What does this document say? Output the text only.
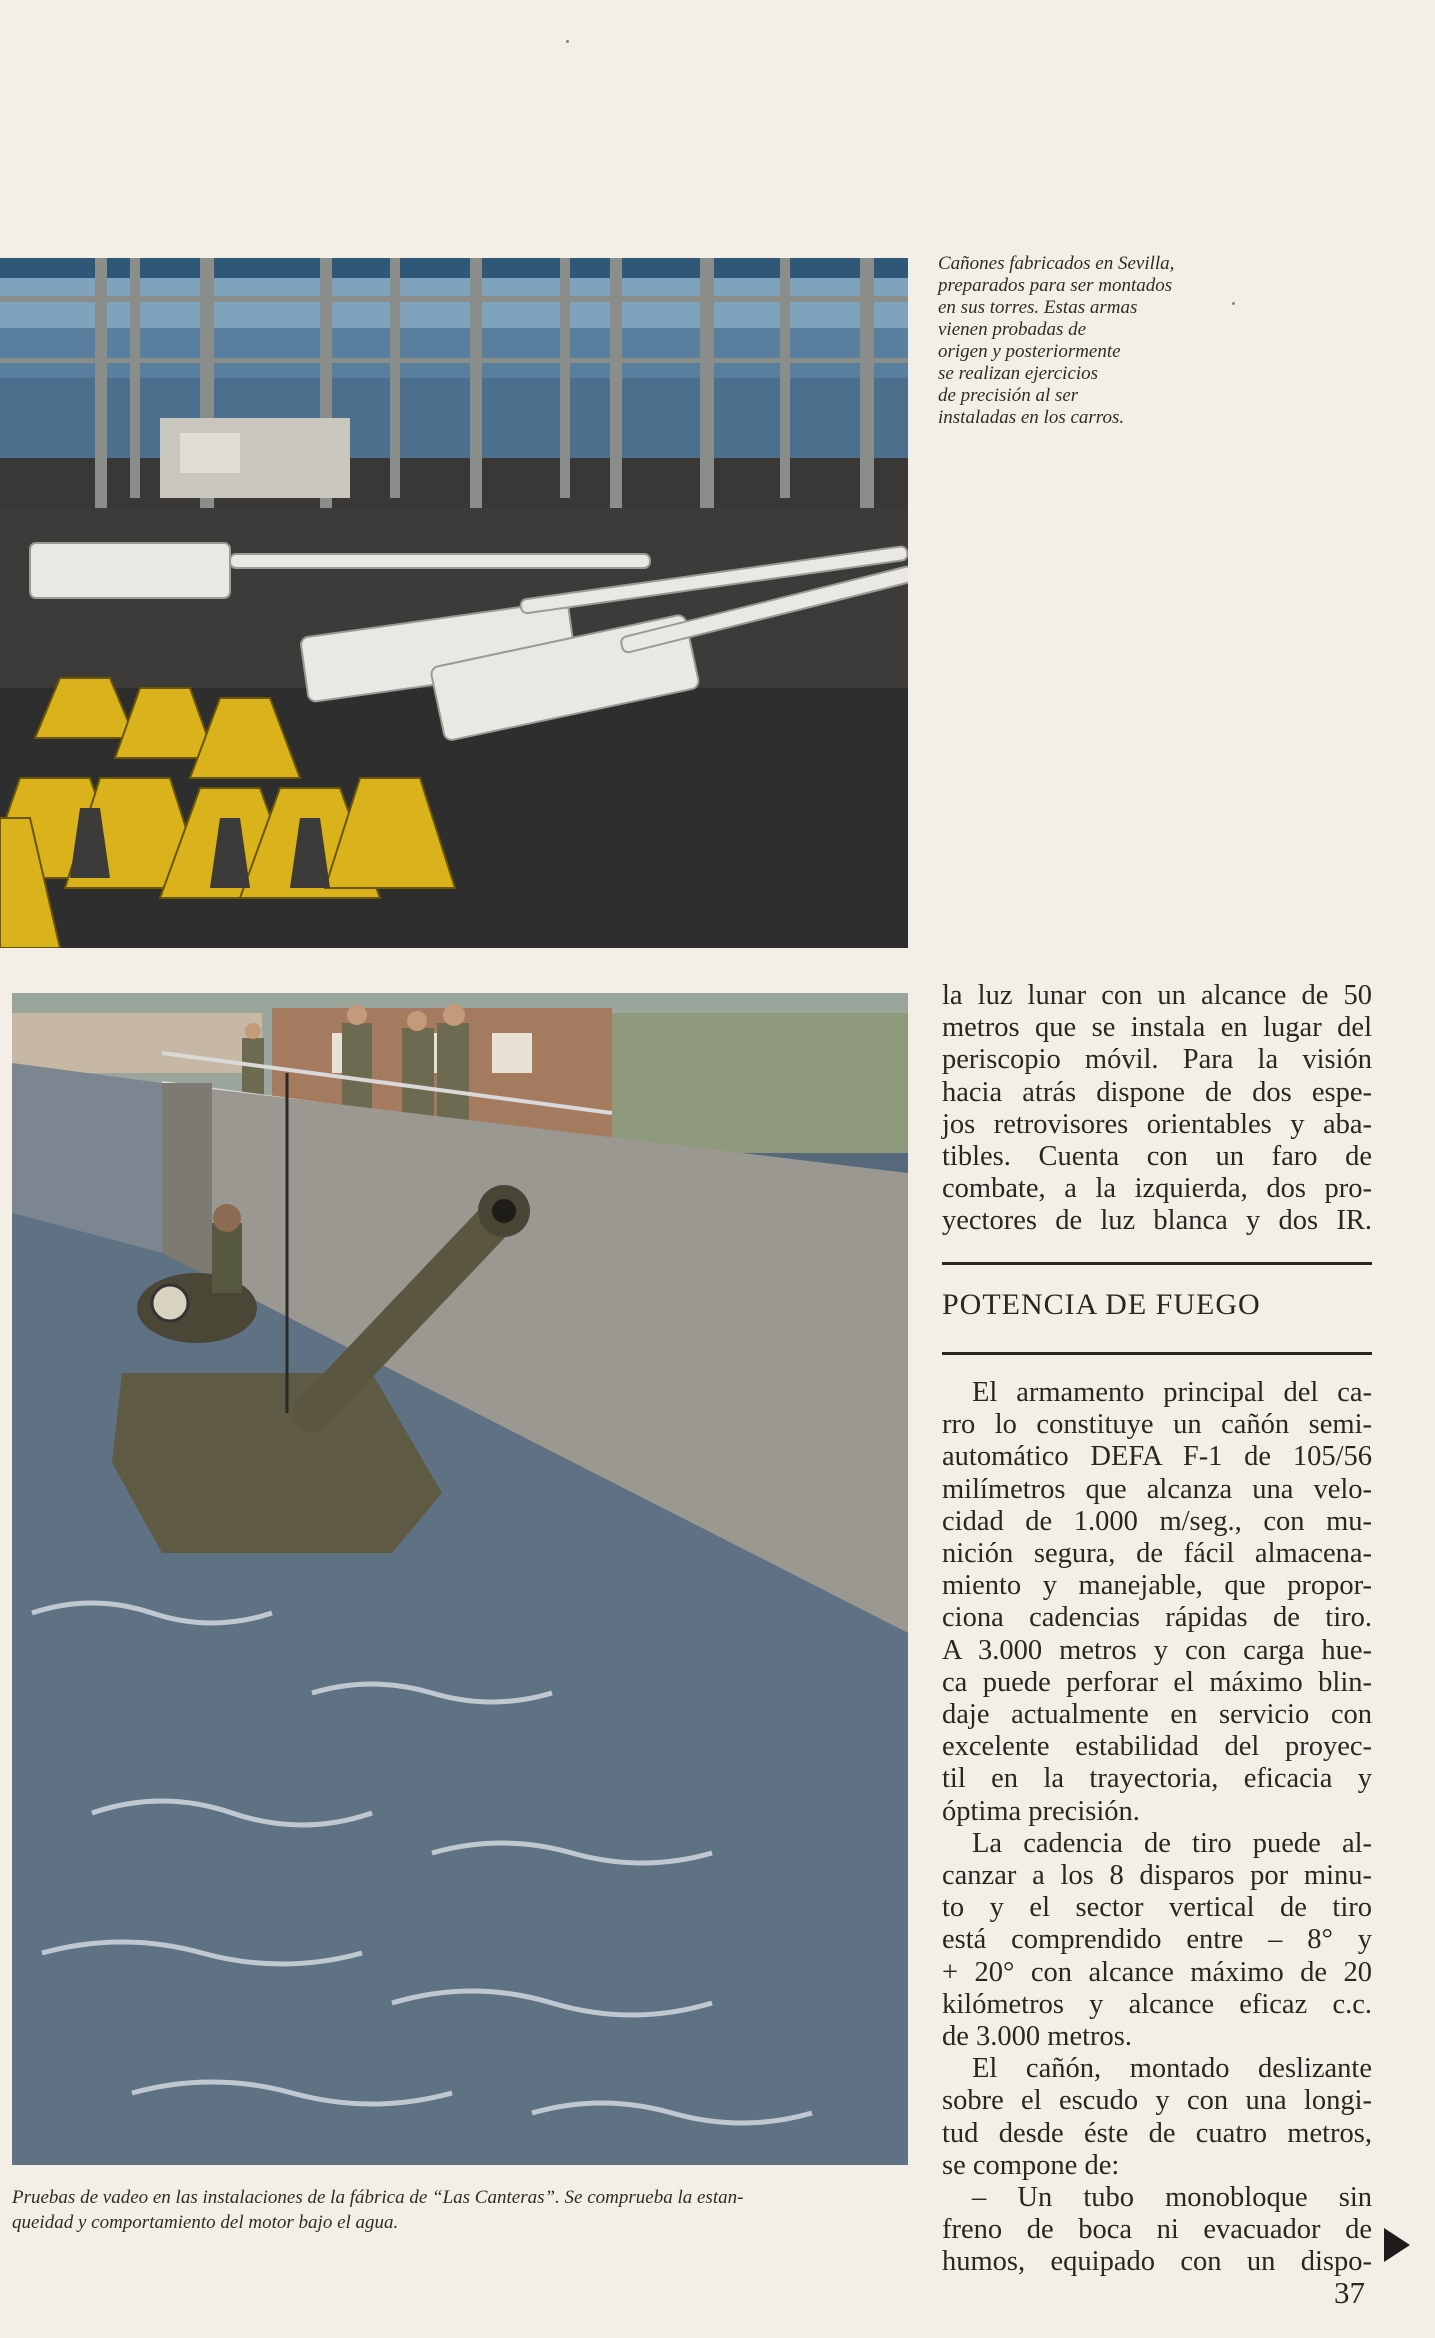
Cañones fabricados en Sevilla,
preparados para ser montados
en sus torres. Estas armas
vienen probadas de
origen y posteriormente
se realizan ejercicios
de precisión al ser
instaladas en los carros.
Pruebas de vadeo en las instalaciones de la fábrica de “Las Canteras”. Se comprueba la estan-
queidad y comportamiento del motor bajo el agua.
la luz lunar con un alcance de 50
metros que se instala en lugar del
periscopio móvil. Para la visión
hacia atrás dispone de dos espe-
jos retrovisores orientables y aba-
tibles. Cuenta con un faro de
combate, a la izquierda, dos pro-
yectores de luz blanca y dos IR.
POTENCIA DE FUEGO
El armamento principal del ca-
rro lo constituye un cañón semi-
automático DEFA F-1 de 105/56
milímetros que alcanza una velo-
cidad de 1.000 m/seg., con mu-
nición segura, de fácil almacena-
miento y manejable, que propor-
ciona cadencias rápidas de tiro.
A 3.000 metros y con carga hue-
ca puede perforar el máximo blin-
daje actualmente en servicio con
excelente estabilidad del proyec-
til en la trayectoria, eficacia y
óptima precisión.
La cadencia de tiro puede al-
canzar a los 8 disparos por minu-
to y el sector vertical de tiro
está comprendido entre – 8° y
+ 20° con alcance máximo de 20
kilómetros y alcance eficaz c.c.
de 3.000 metros.
El cañón, montado deslizante
sobre el escudo y con una longi-
tud desde éste de cuatro metros,
se compone de:
– Un tubo monobloque sin
freno de boca ni evacuador de
humos, equipado con un dispo-
37
